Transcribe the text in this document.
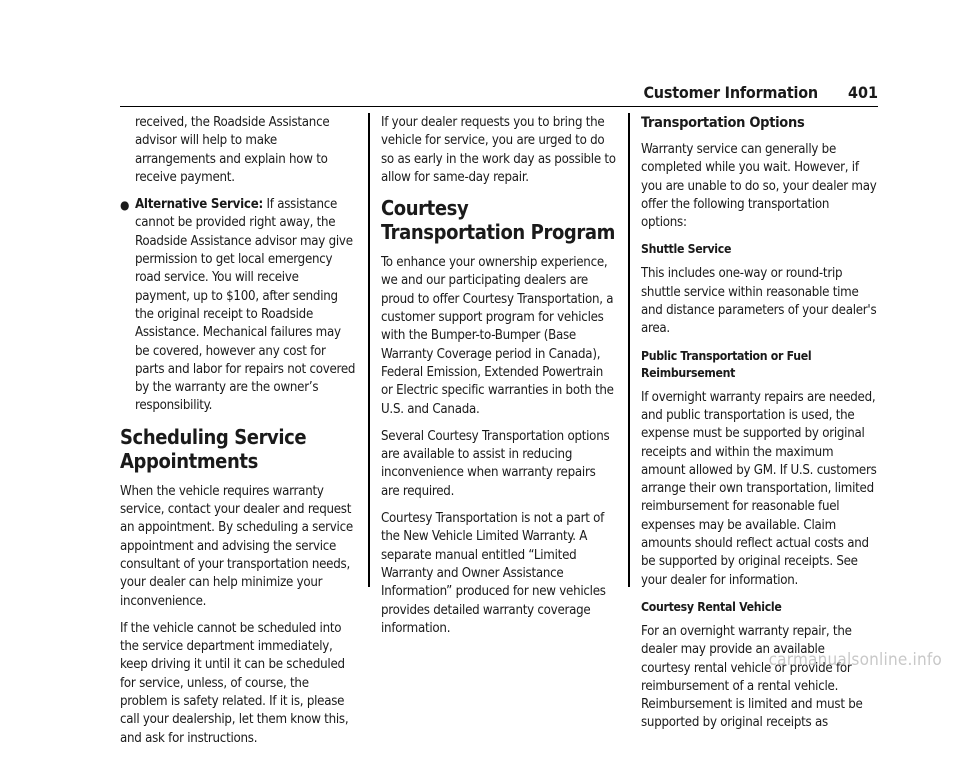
Customer Information 401

received, the Roadside Assistance advisor will help to make arrangements and explain how to receive payment.

● Alternative Service: If assistance cannot be provided right away, the Roadside Assistance advisor may give permission to get local emergency road service. You will receive payment, up to $100, after sending the original receipt to Roadside Assistance. Mechanical failures may be covered, however any cost for parts and labor for repairs not covered by the warranty are the owner’s responsibility.
Scheduling Service Appointments

When the vehicle requires warranty service, contact your dealer and request an appointment. By scheduling a service appointment and advising the service consultant of your transportation needs, your dealer can help minimize your inconvenience.

If the vehicle cannot be scheduled into the service department immediately, keep driving it until it can be scheduled for service, unless, of course, the problem is safety related. If it is, please call your dealership, let them know this, and ask for instructions.

If your dealer requests you to bring the vehicle for service, you are urged to do so as early in the work day as possible to allow for same-day repair.

Courtesy Transportation Program

To enhance your ownership experience, we and our participating dealers are proud to offer Courtesy Transportation, a customer support program for vehicles with the Bumper-to-Bumper (Base Warranty Coverage period in Canada), Federal Emission, Extended Powertrain or Electric specific warranties in both the U.S. and Canada.

Several Courtesy Transportation options are available to assist in reducing inconvenience when warranty repairs are required.

Courtesy Transportation is not a part of the New Vehicle Limited Warranty. A separate manual entitled “Limited Warranty and Owner Assistance Information” produced for new vehicles provides detailed warranty coverage information.

Transportation Options

Warranty service can generally be completed while you wait. However, if you are unable to do so, your dealer may offer the following transportation options:

Shuttle Service

This includes one-way or round-trip shuttle service within reasonable time and distance parameters of your dealer's area.

Public Transportation or Fuel Reimbursement

If overnight warranty repairs are needed, and public transportation is used, the expense must be supported by original receipts and within the maximum amount allowed by GM. If U.S. customers arrange their own transportation, limited reimbursement for reasonable fuel expenses may be available. Claim amounts should reflect actual costs and be supported by original receipts. See your dealer for information.

Courtesy Rental Vehicle

For an overnight warranty repair, the dealer may provide an available courtesy rental vehicle or provide for reimbursement of a rental vehicle. Reimbursement is limited and must be supported by original receipts as

carmanualsonline.info
